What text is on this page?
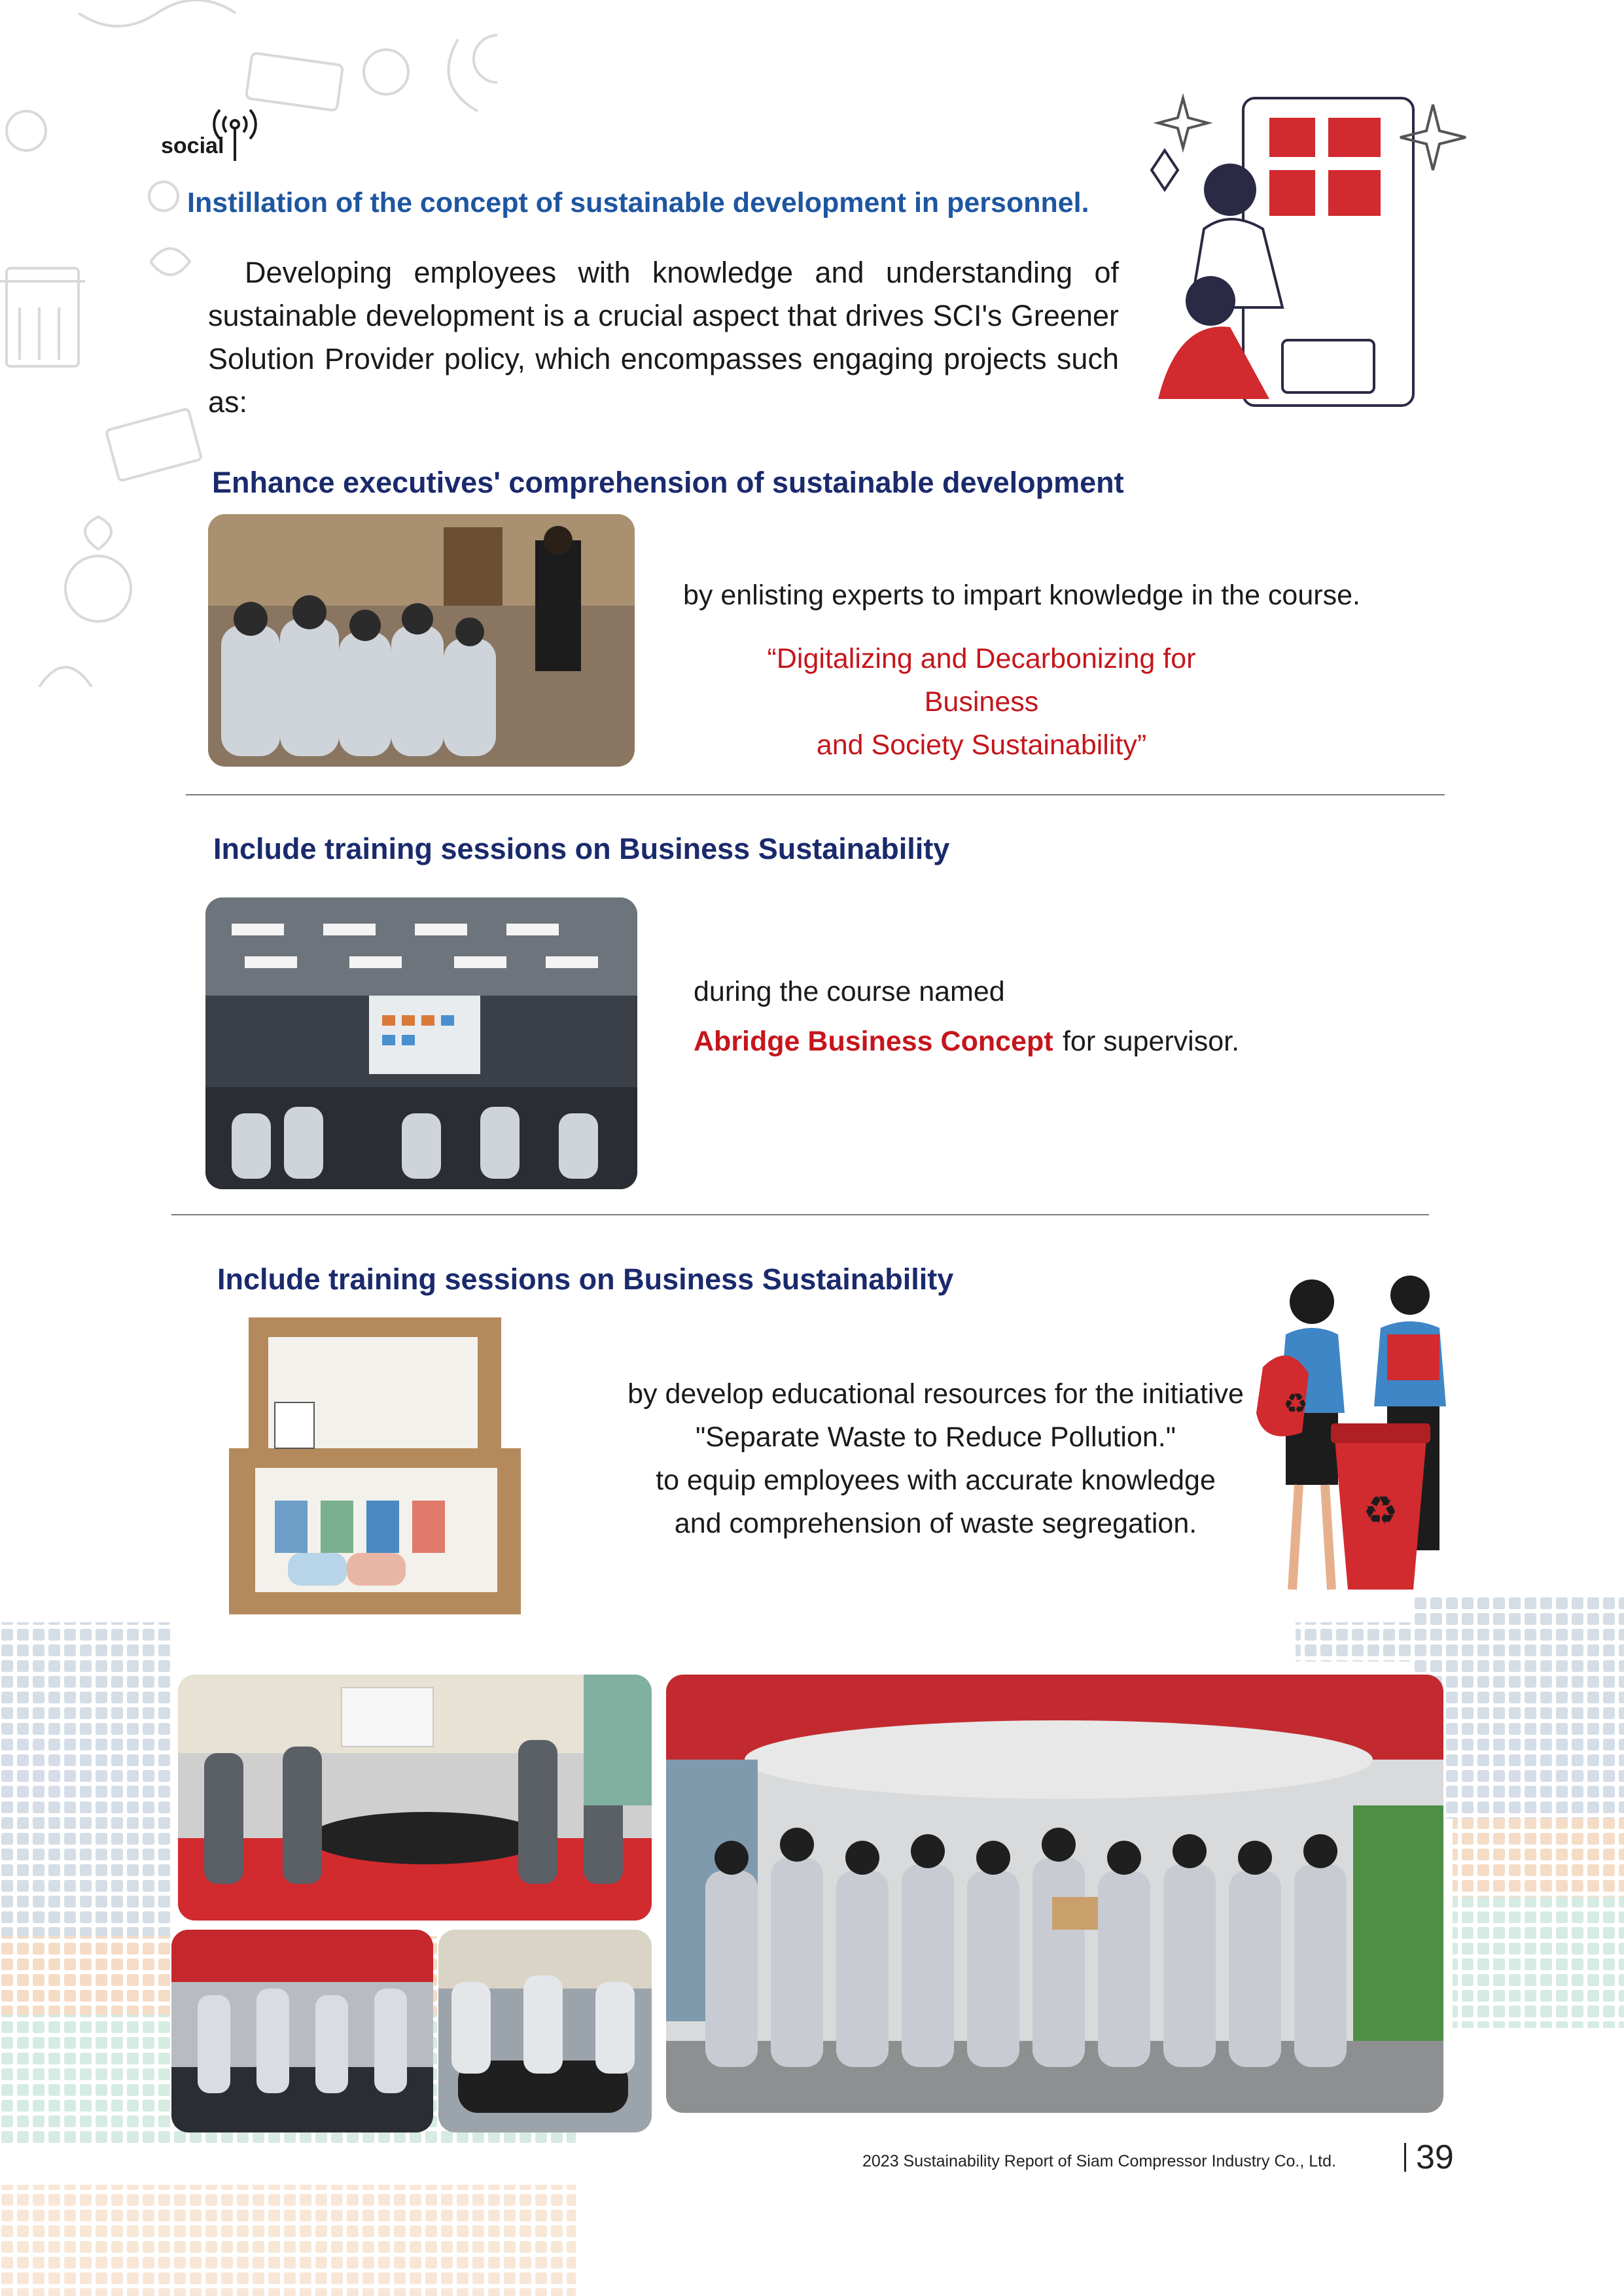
social
Instillation of the concept of sustainable development in personnel.
Developing employees with knowledge and understanding of sustainable development is a crucial aspect that drives SCI's Greener Solution Provider policy, which encompasses engaging projects such as:
Enhance executives' comprehension of sustainable development
by enlisting experts to impart knowledge in the course.
“Digitalizing and Decarbonizing for Business
and Society Sustainability”
Include training sessions on Business Sustainability
during the course named
Abridge Business Concept for supervisor.
Include training sessions on Business Sustainability
by develop educational resources for the initiative
"Separate Waste to Reduce Pollution."
to equip employees with accurate knowledge
and comprehension of waste segregation.	♻
♻
2023 Sustainability Report of Siam Compressor Industry Co., Ltd. 39
